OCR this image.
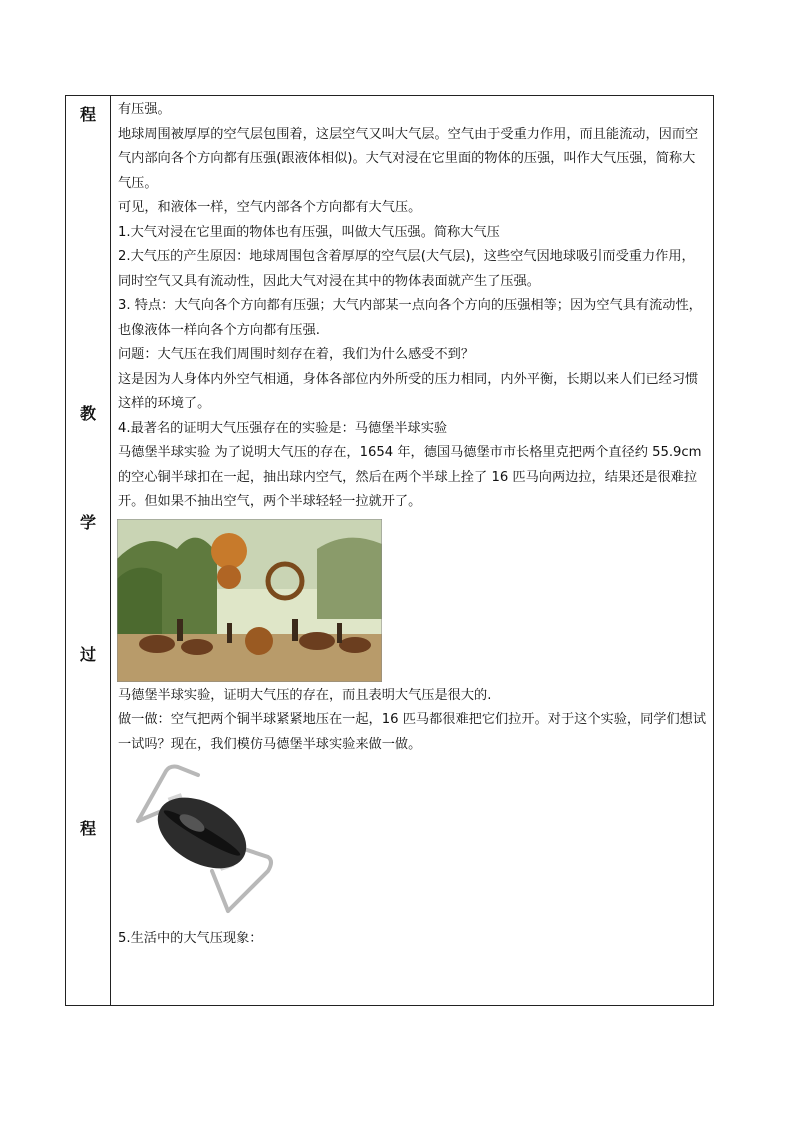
程
教
学
过
程

有压强。

地球周围被厚厚的空气层包围着，这层空气又叫大气层。空气由于受重力作用，而且能流动，因而空气内部向各个方向都有压强(跟液体相似)。大气对浸在它里面的物体的压强，叫作大气压强，简称大气压。

可见，和液体一样，空气内部各个方向都有大气压。

1.大气对浸在它里面的物体也有压强，叫做大气压强。简称大气压

2.大气压的产生原因：地球周围包含着厚厚的空气层(大气层)，这些空气因地球吸引而受重力作用，同时空气又具有流动性，因此大气对浸在其中的物体表面就产生了压强。

3. 特点：大气向各个方向都有压强；大气内部某一点向各个方向的压强相等；因为空气具有流动性，也像液体一样向各个方向都有压强.

问题：大气压在我们周围时刻存在着，我们为什么感受不到？

这是因为人身体内外空气相通，身体各部位内外所受的压力相同，内外平衡，长期以来人们已经习惯这样的环境了。

4.最著名的证明大气压强存在的实验是：马德堡半球实验

马德堡半球实验 为了说明大气压的存在，1654 年，德国马德堡市市长格里克把两个直径约 55.9cm 的空心铜半球扣在一起，抽出球内空气，然后在两个半球上拴了 16 匹马向两边拉，结果还是很难拉开。但如果不抽出空气，两个半球轻轻一拉就开了。

马德堡半球实验，证明大气压的存在，而且表明大气压是很大的.

做一做：空气把两个铜半球紧紧地压在一起，16 匹马都很难把它们拉开。对于这个实验，同学们想试一试吗？现在，我们模仿马德堡半球实验来做一做。

5.生活中的大气压现象：
